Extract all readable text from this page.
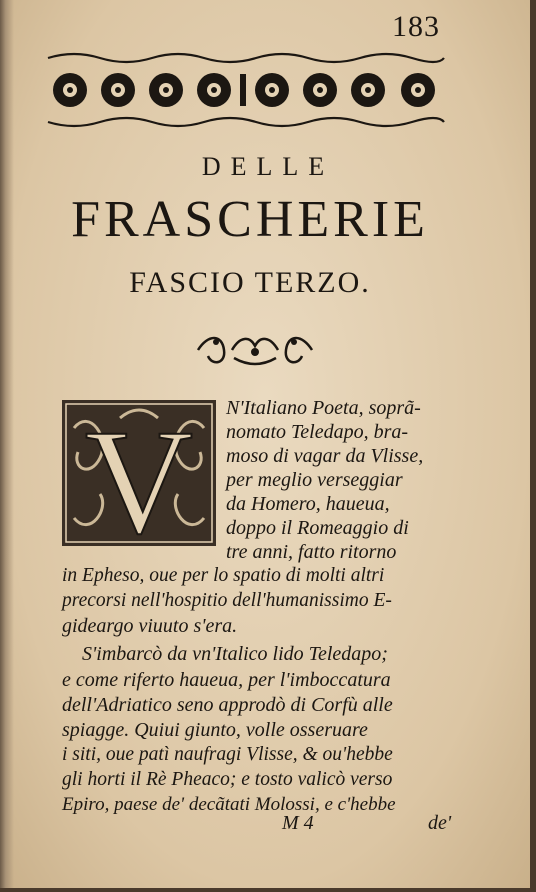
183
DELLE
FRASCHERIE
FASCIO TERZO.
V N'Italiano Poeta, soprã-
nomato Teledapo, bra-
moso di vagar da Vlisse,
per meglio verseggiar
da Homero, haueua,
doppo il Romeaggio di
tre anni, fatto ritorno
in Epheso, oue per lo spatio di molti altri
precorsi nell'hospitio dell'humanissimo E-
gideargo viuuto s'era.
S'imbarcò da vn'Italico lido Teledapo;
e come riferto haueua, per l'imboccatura
dell'Adriatico seno approdò di Corfù alle
spiagge. Quiui giunto, volle osseruare
i siti, oue patì naufragi Vlisse, & ou'hebbe
gli horti il Rè Pheaco; e tosto valicò verso
Epiro, paese de' decãtati Molossi, e c'hebbe
M 4	de'
